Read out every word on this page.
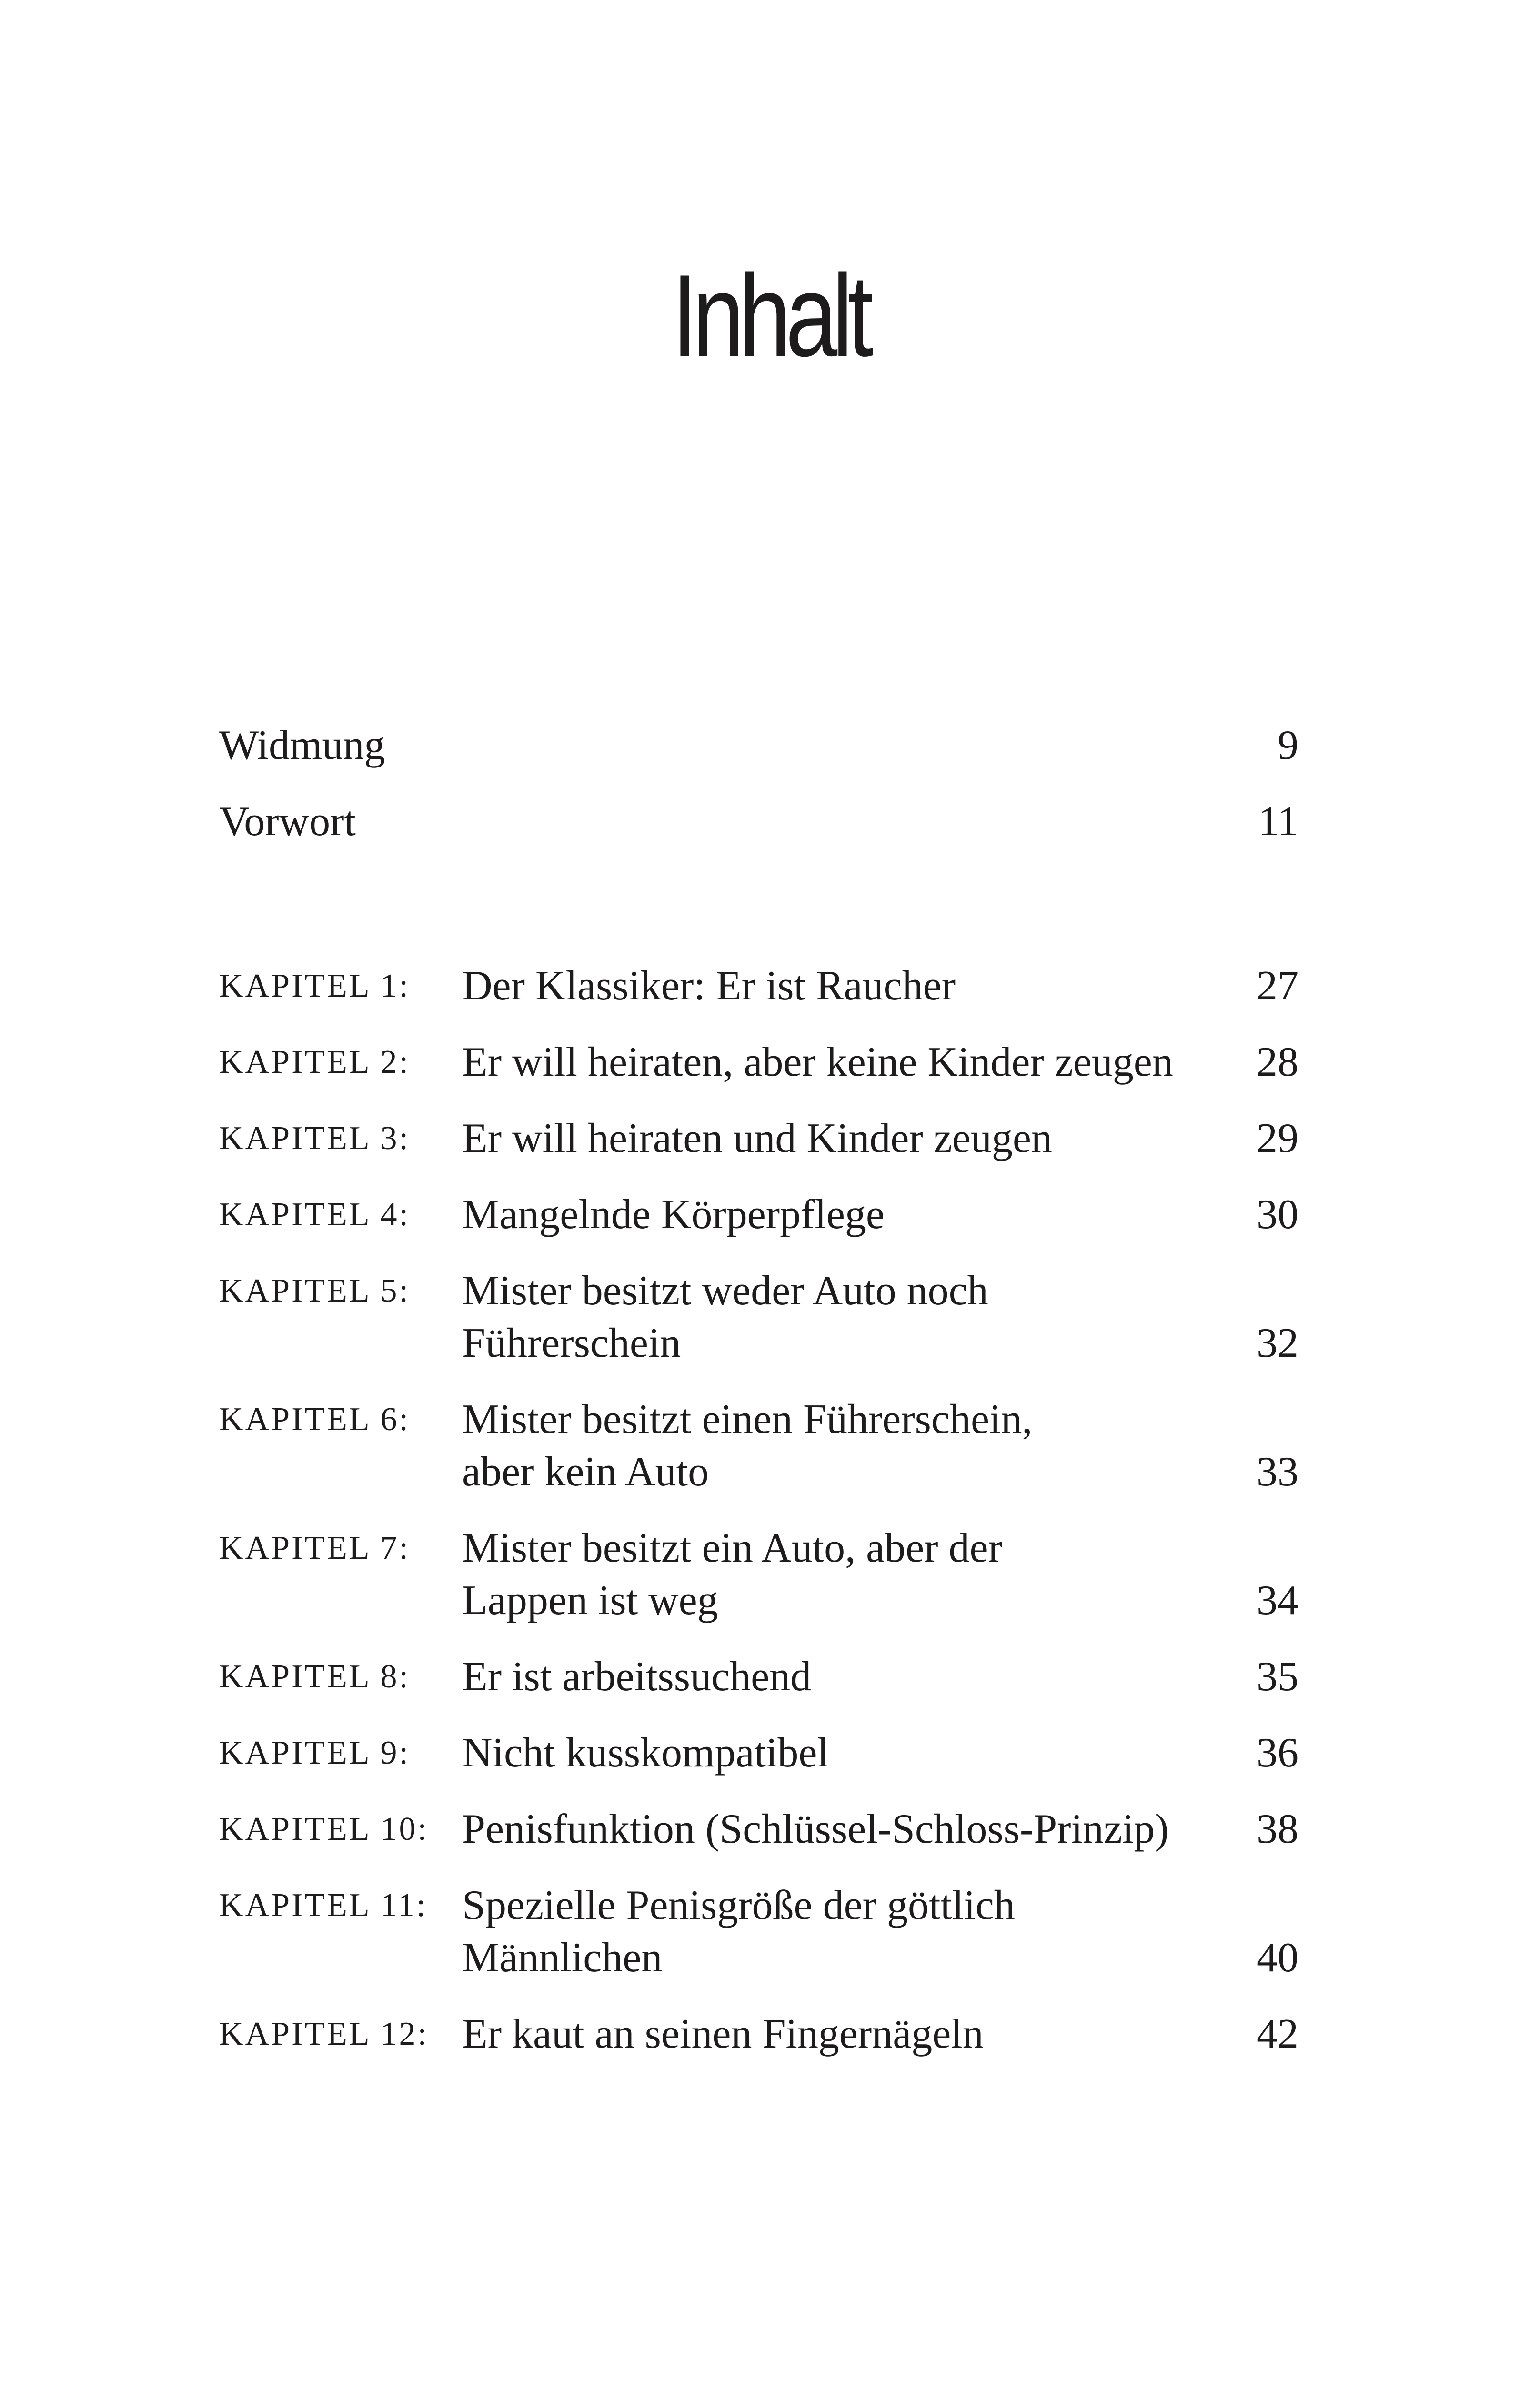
Inhalt
Widmung	9
Vorwort	11
KAPITEL 1: Der Klassiker: Er ist Raucher	27
KAPITEL 2: Er will heiraten, aber keine Kinder zeugen	28
KAPITEL 3: Er will heiraten und Kinder zeugen	29
KAPITEL 4: Mangelnde Körperpflege	30
KAPITEL 5: Mister besitzt weder Auto noch
Führerschein	32
KAPITEL 6: Mister besitzt einen Führerschein,
aber kein Auto	33
KAPITEL 7: Mister besitzt ein Auto, aber der
Lappen ist weg	34
KAPITEL 8: Er ist arbeitssuchend	35
KAPITEL 9: Nicht kusskompatibel	36
KAPITEL 10: Penisfunktion (Schlüssel-Schloss-Prinzip)	38
KAPITEL 11: Spezielle Penisgröße der göttlich
Männlichen	40
KAPITEL 12: Er kaut an seinen Fingernägeln	42
